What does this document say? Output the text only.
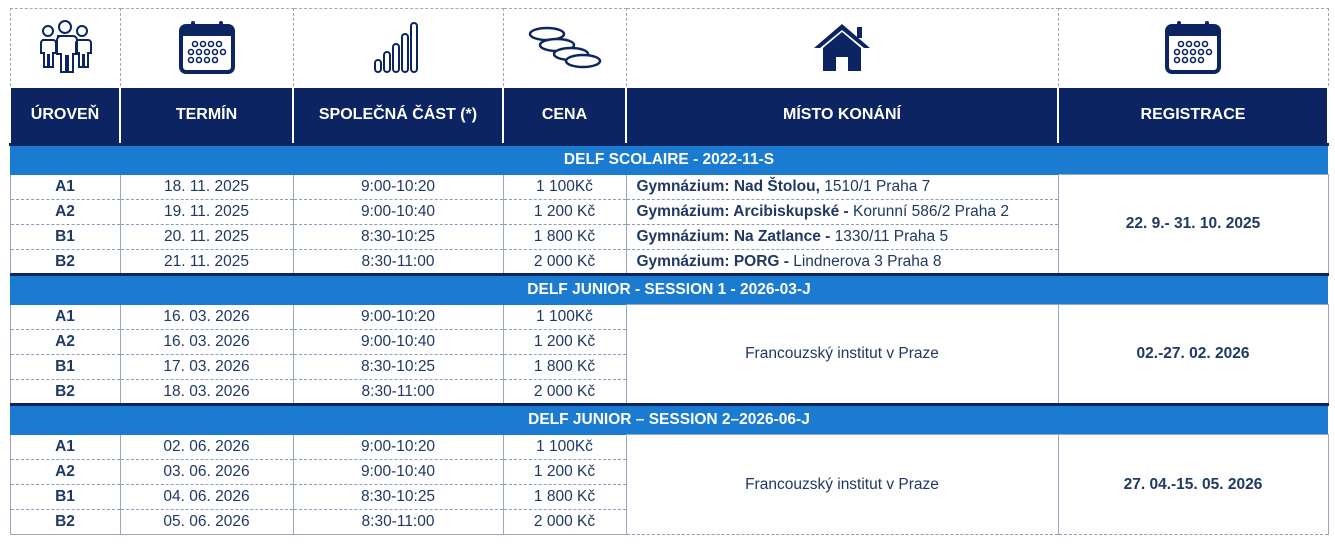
ÚROVEŇ	TERMÍN	SPOLEČNÁ ČÁST (*)	CENA	MÍSTO KONÁNÍ	REGISTRACE
DELF SCOLAIRE - 2022-11-S					
A1	18. 11. 2025	9:00-10:20	1 100Kč	Gymnázium: Nad Štolou, 1510/1 Praha 7	22. 9.- 31. 10. 2025
A2	19. 11. 2025	9:00-10:40	1 200 Kč	Gymnázium: Arcibiskupské - Korunní 586/2 Praha 2	
B1	20. 11. 2025	8:30-10:25	1 800 Kč	Gymnázium: Na Zatlance - 1330/11 Praha 5	
B2	21. 11. 2025	8:30-11:00	2 000 Kč	Gymnázium: PORG - Lindnerova 3 Praha 8	
DELF JUNIOR - SESSION 1 - 2026-03-J					
A1	16. 03. 2026	9:00-10:20	1 100Kč	Francouzský institut v Praze	02.-27. 02. 2026
A2	16. 03. 2026	9:00-10:40	1 200 Kč		
B1	17. 03. 2026	8:30-10:25	1 800 Kč		
B2	18. 03. 2026	8:30-11:00	2 000 Kč		
DELF JUNIOR – SESSION 2–2026-06-J					
A1	02. 06. 2026	9:00-10:20	1 100Kč	Francouzský institut v Praze	27. 04.-15. 05. 2026
A2	03. 06. 2026	9:00-10:40	1 200 Kč		
B1	04. 06. 2026	8:30-10:25	1 800 Kč		
B2	05. 06. 2026	8:30-11:00	2 000 Kč		
